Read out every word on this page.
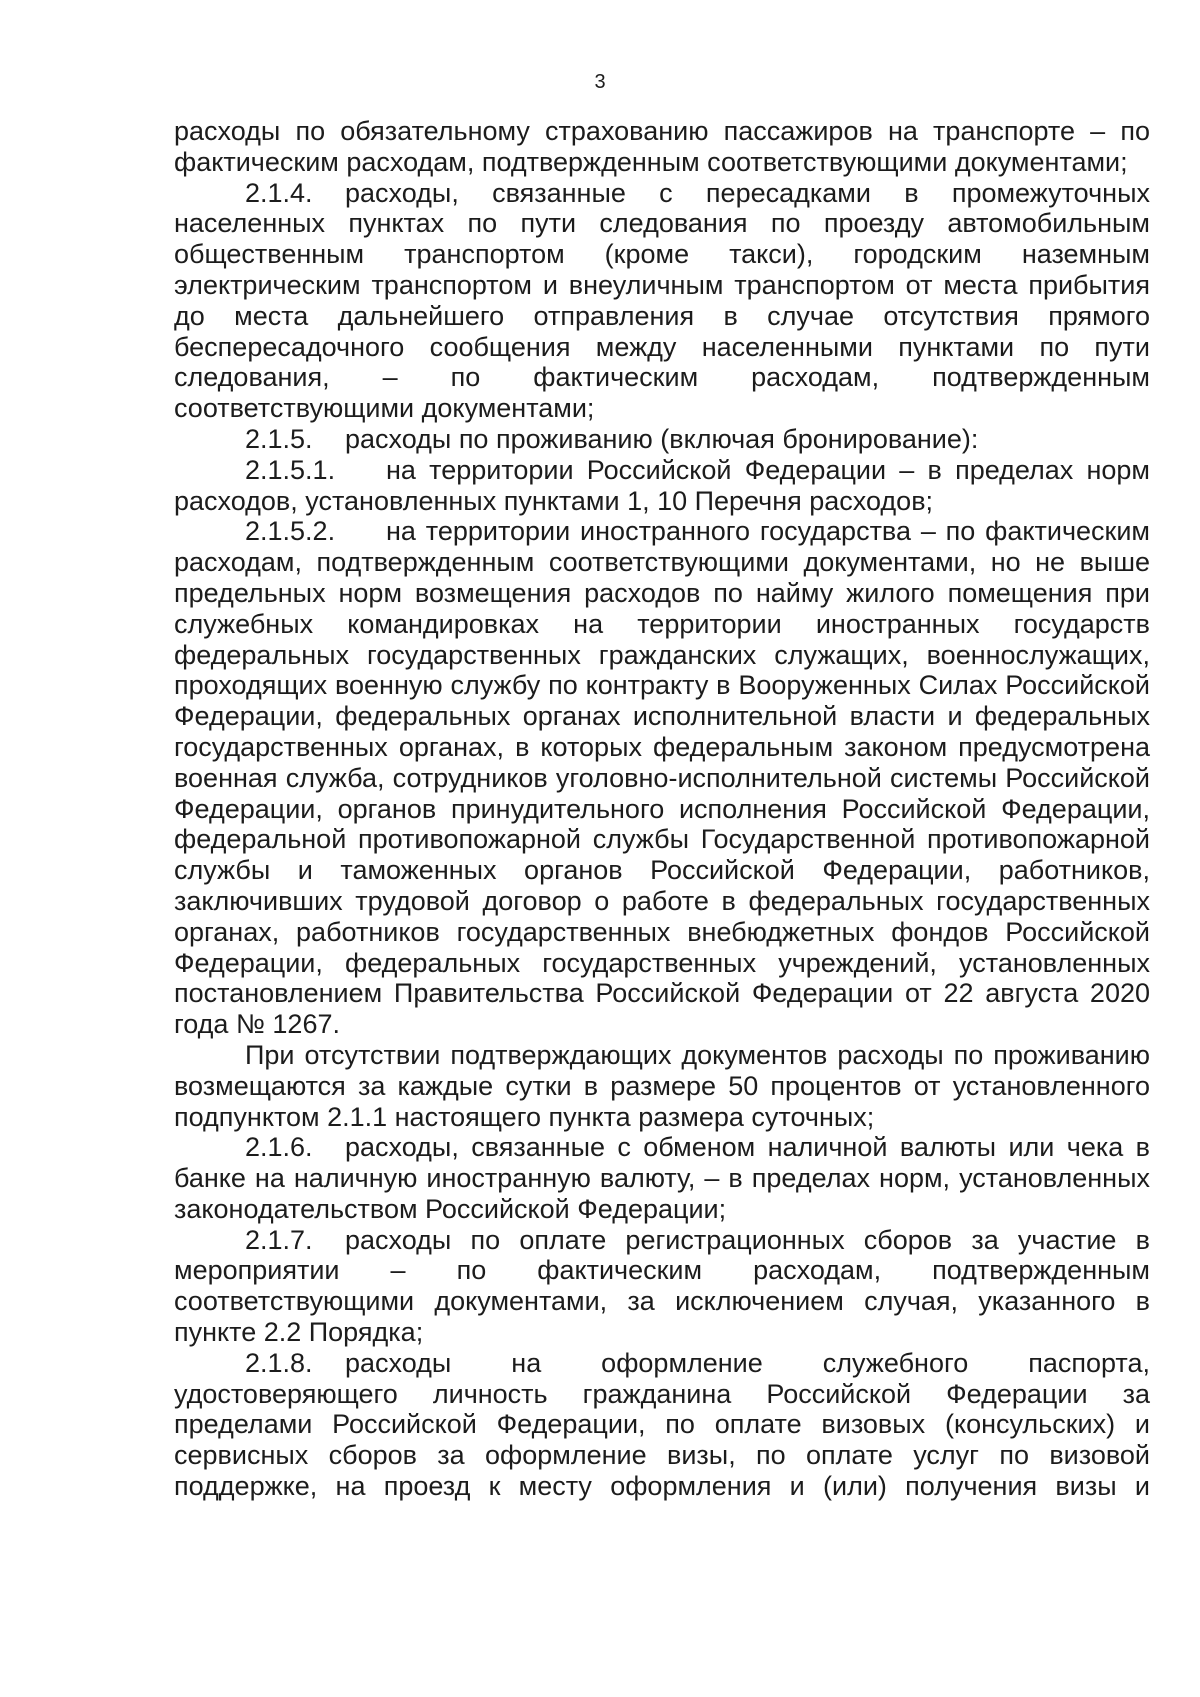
3

расходы по обязательному страхованию пассажиров на транспорте – по фактическим расходам, подтвержденным соответствующими документами;

2.1.4. расходы, связанные с пересадками в промежуточных населенных пунктах по пути следования по проезду автомобильным общественным транспортом (кроме такси), городским наземным электрическим транспортом и внеуличным транспортом от места прибытия до места дальнейшего отправления в случае отсутствия прямого беспересадочного сообщения между населенными пунктами по пути следования, – по фактическим расходам, подтвержденным соответствующими документами;

2.1.5. расходы по проживанию (включая бронирование):

2.1.5.1. на территории Российской Федерации – в пределах норм расходов, установленных пунктами 1, 10 Перечня расходов;

2.1.5.2. на территории иностранного государства – по фактическим расходам, подтвержденным соответствующими документами, но не выше предельных норм возмещения расходов по найму жилого помещения при служебных командировках на территории иностранных государств федеральных государственных гражданских служащих, военнослужащих, проходящих военную службу по контракту в Вооруженных Силах Российской Федерации, федеральных органах исполнительной власти и федеральных государственных органах, в которых федеральным законом предусмотрена военная служба, сотрудников уголовно-исполнительной системы Российской Федерации, органов принудительного исполнения Российской Федерации, федеральной противопожарной службы Государственной противопожарной службы и таможенных органов Российской Федерации, работников, заключивших трудовой договор о работе в федеральных государственных органах, работников государственных внебюджетных фондов Российской Федерации, федеральных государственных учреждений, установленных постановлением Правительства Российской Федерации от 22 августа 2020 года № 1267.

При отсутствии подтверждающих документов расходы по проживанию возмещаются за каждые сутки в размере 50 процентов от установленного подпунктом 2.1.1 настоящего пункта размера суточных;

2.1.6. расходы, связанные с обменом наличной валюты или чека в банке на наличную иностранную валюту, – в пределах норм, установленных законодательством Российской Федерации;

2.1.7. расходы по оплате регистрационных сборов за участие в мероприятии – по фактическим расходам, подтвержденным соответствующими документами, за исключением случая, указанного в пункте 2.2 Порядка;

2.1.8. расходы на оформление служебного паспорта, удостоверяющего личность гражданина Российской Федерации за пределами Российской Федерации, по оплате визовых (консульских) и сервисных сборов за оформление визы, по оплате услуг по визовой поддержке, на проезд к месту оформления и (или) получения визы и
